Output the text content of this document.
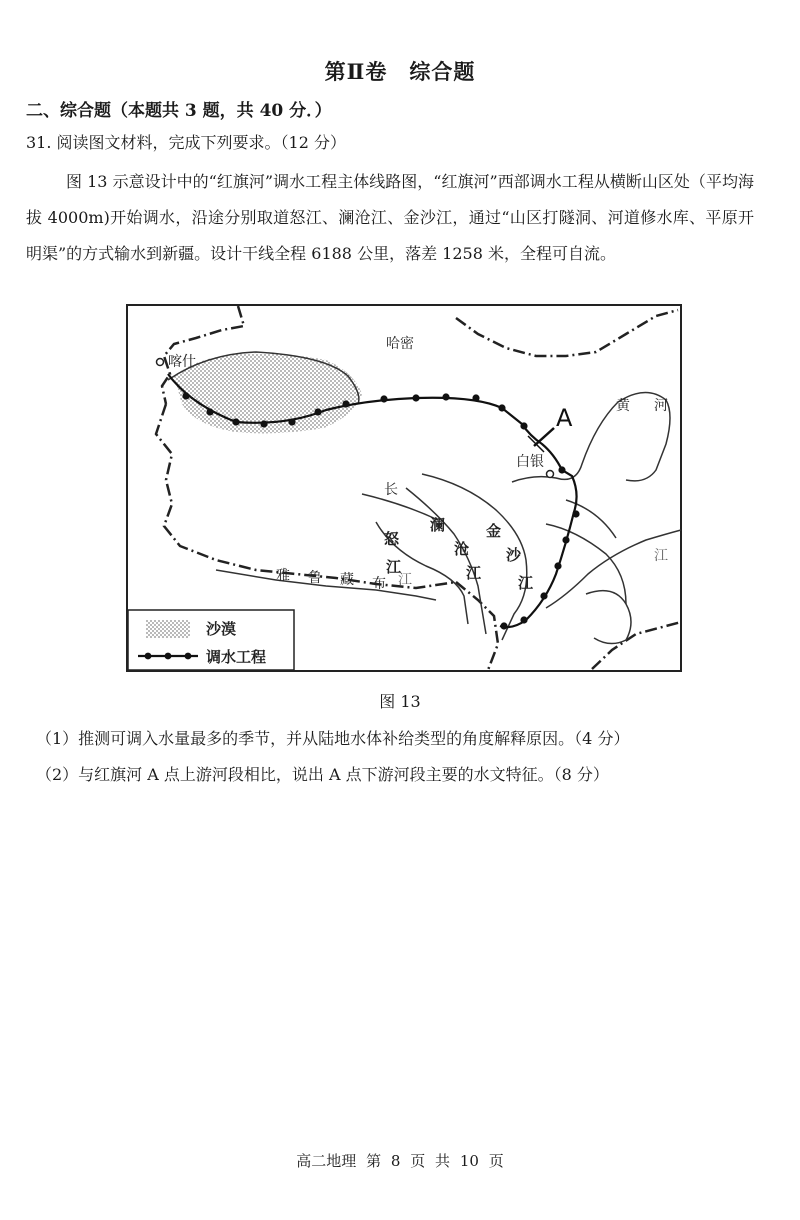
第Ⅱ卷 综合题
二、综合题（本题共 3 题，共 40 分．）
31. 阅读图文材料，完成下列要求。（12 分）
图 13 示意设计中的“红旗河”调水工程主体线路图，“红旗河”西部调水工程从横断山区处（平均海拔 4000m)开始调水，沿途分别取道怒江、澜沧江、金沙江，通过“山区打隧洞、河道修水库、平原开明渠”的方式输水到新疆。设计干线全程 6188 公里，落差 1258 米，全程可自流。
哈密
喀什
A
白银
黄 河
长
江
怒
江
澜
沧
江
金
沙
江
雅 鲁 藏 布 江
沙漠
调水工程
图 13
（1）推测可调入水量最多的季节，并从陆地水体补给类型的角度解释原因。（4 分）
（2）与红旗河 A 点上游河段相比，说出 A 点下游河段主要的水文特征。（8 分）
高二地理 第 8 页 共 10 页
